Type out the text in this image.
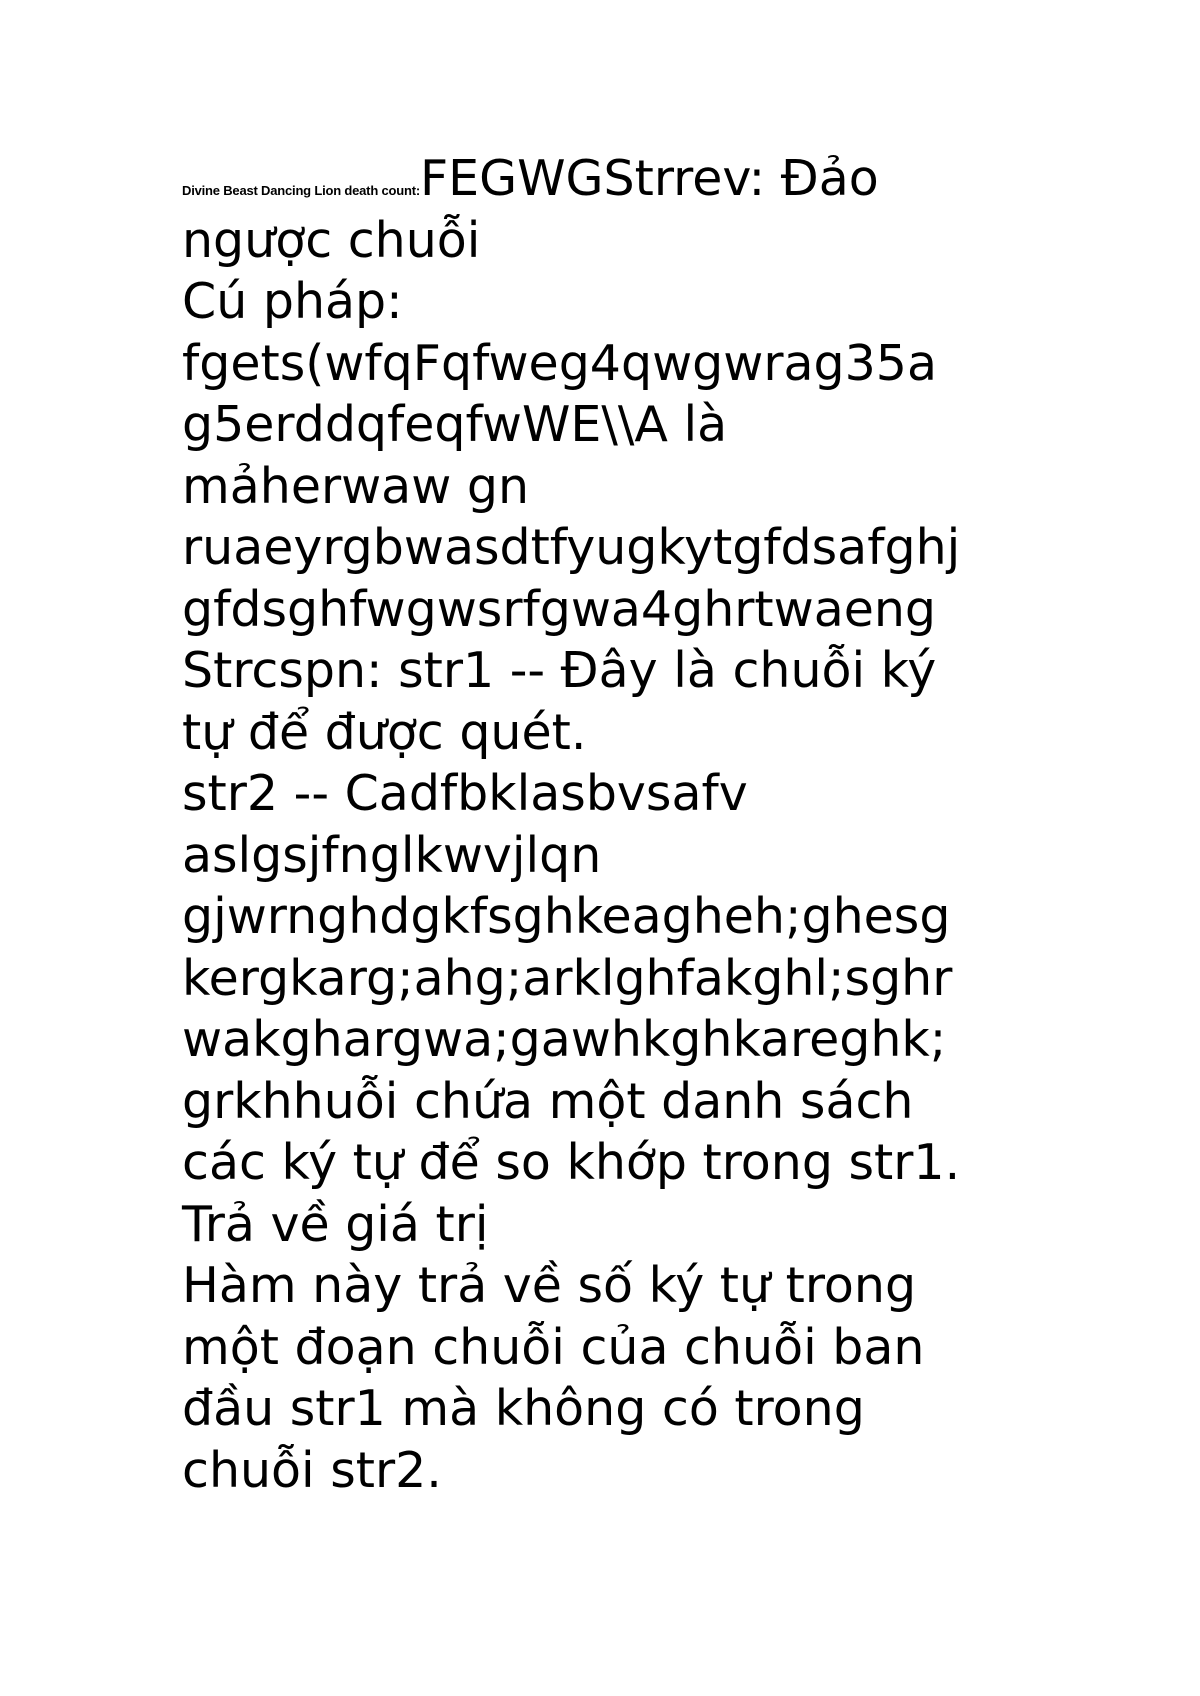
Divine Beast Dancing Lion death count:FEGWGStrrev: Đảo
ngược chuỗi
Cú pháp:
fgets(wfqFqfweg4qwgwrag35a
g5erddqfeqfwWE\\A là
mảherwaw gn
ruaeyrgbwasdtfyugkytgfdsafghj
gfdsghfwgwsrfgwa4ghrtwaeng
Strcspn: str1 -- Đây là chuỗi ký
tự để được quét.
str2 -- Cadfbklasbvsafv
aslgsjfnglkwvjlqn
gjwrnghdgkfsghkeagheh;ghesg
kergkarg;ahg;arklghfakghl;sghr
wakghargwa;gawhkghkareghk;
grkhhuỗi chứa một danh sách
các ký tự để so khớp trong str1.
Trả về giá trị
Hàm này trả về số ký tự trong
một đoạn chuỗi của chuỗi ban
đầu str1 mà không có trong
chuỗi str2.
